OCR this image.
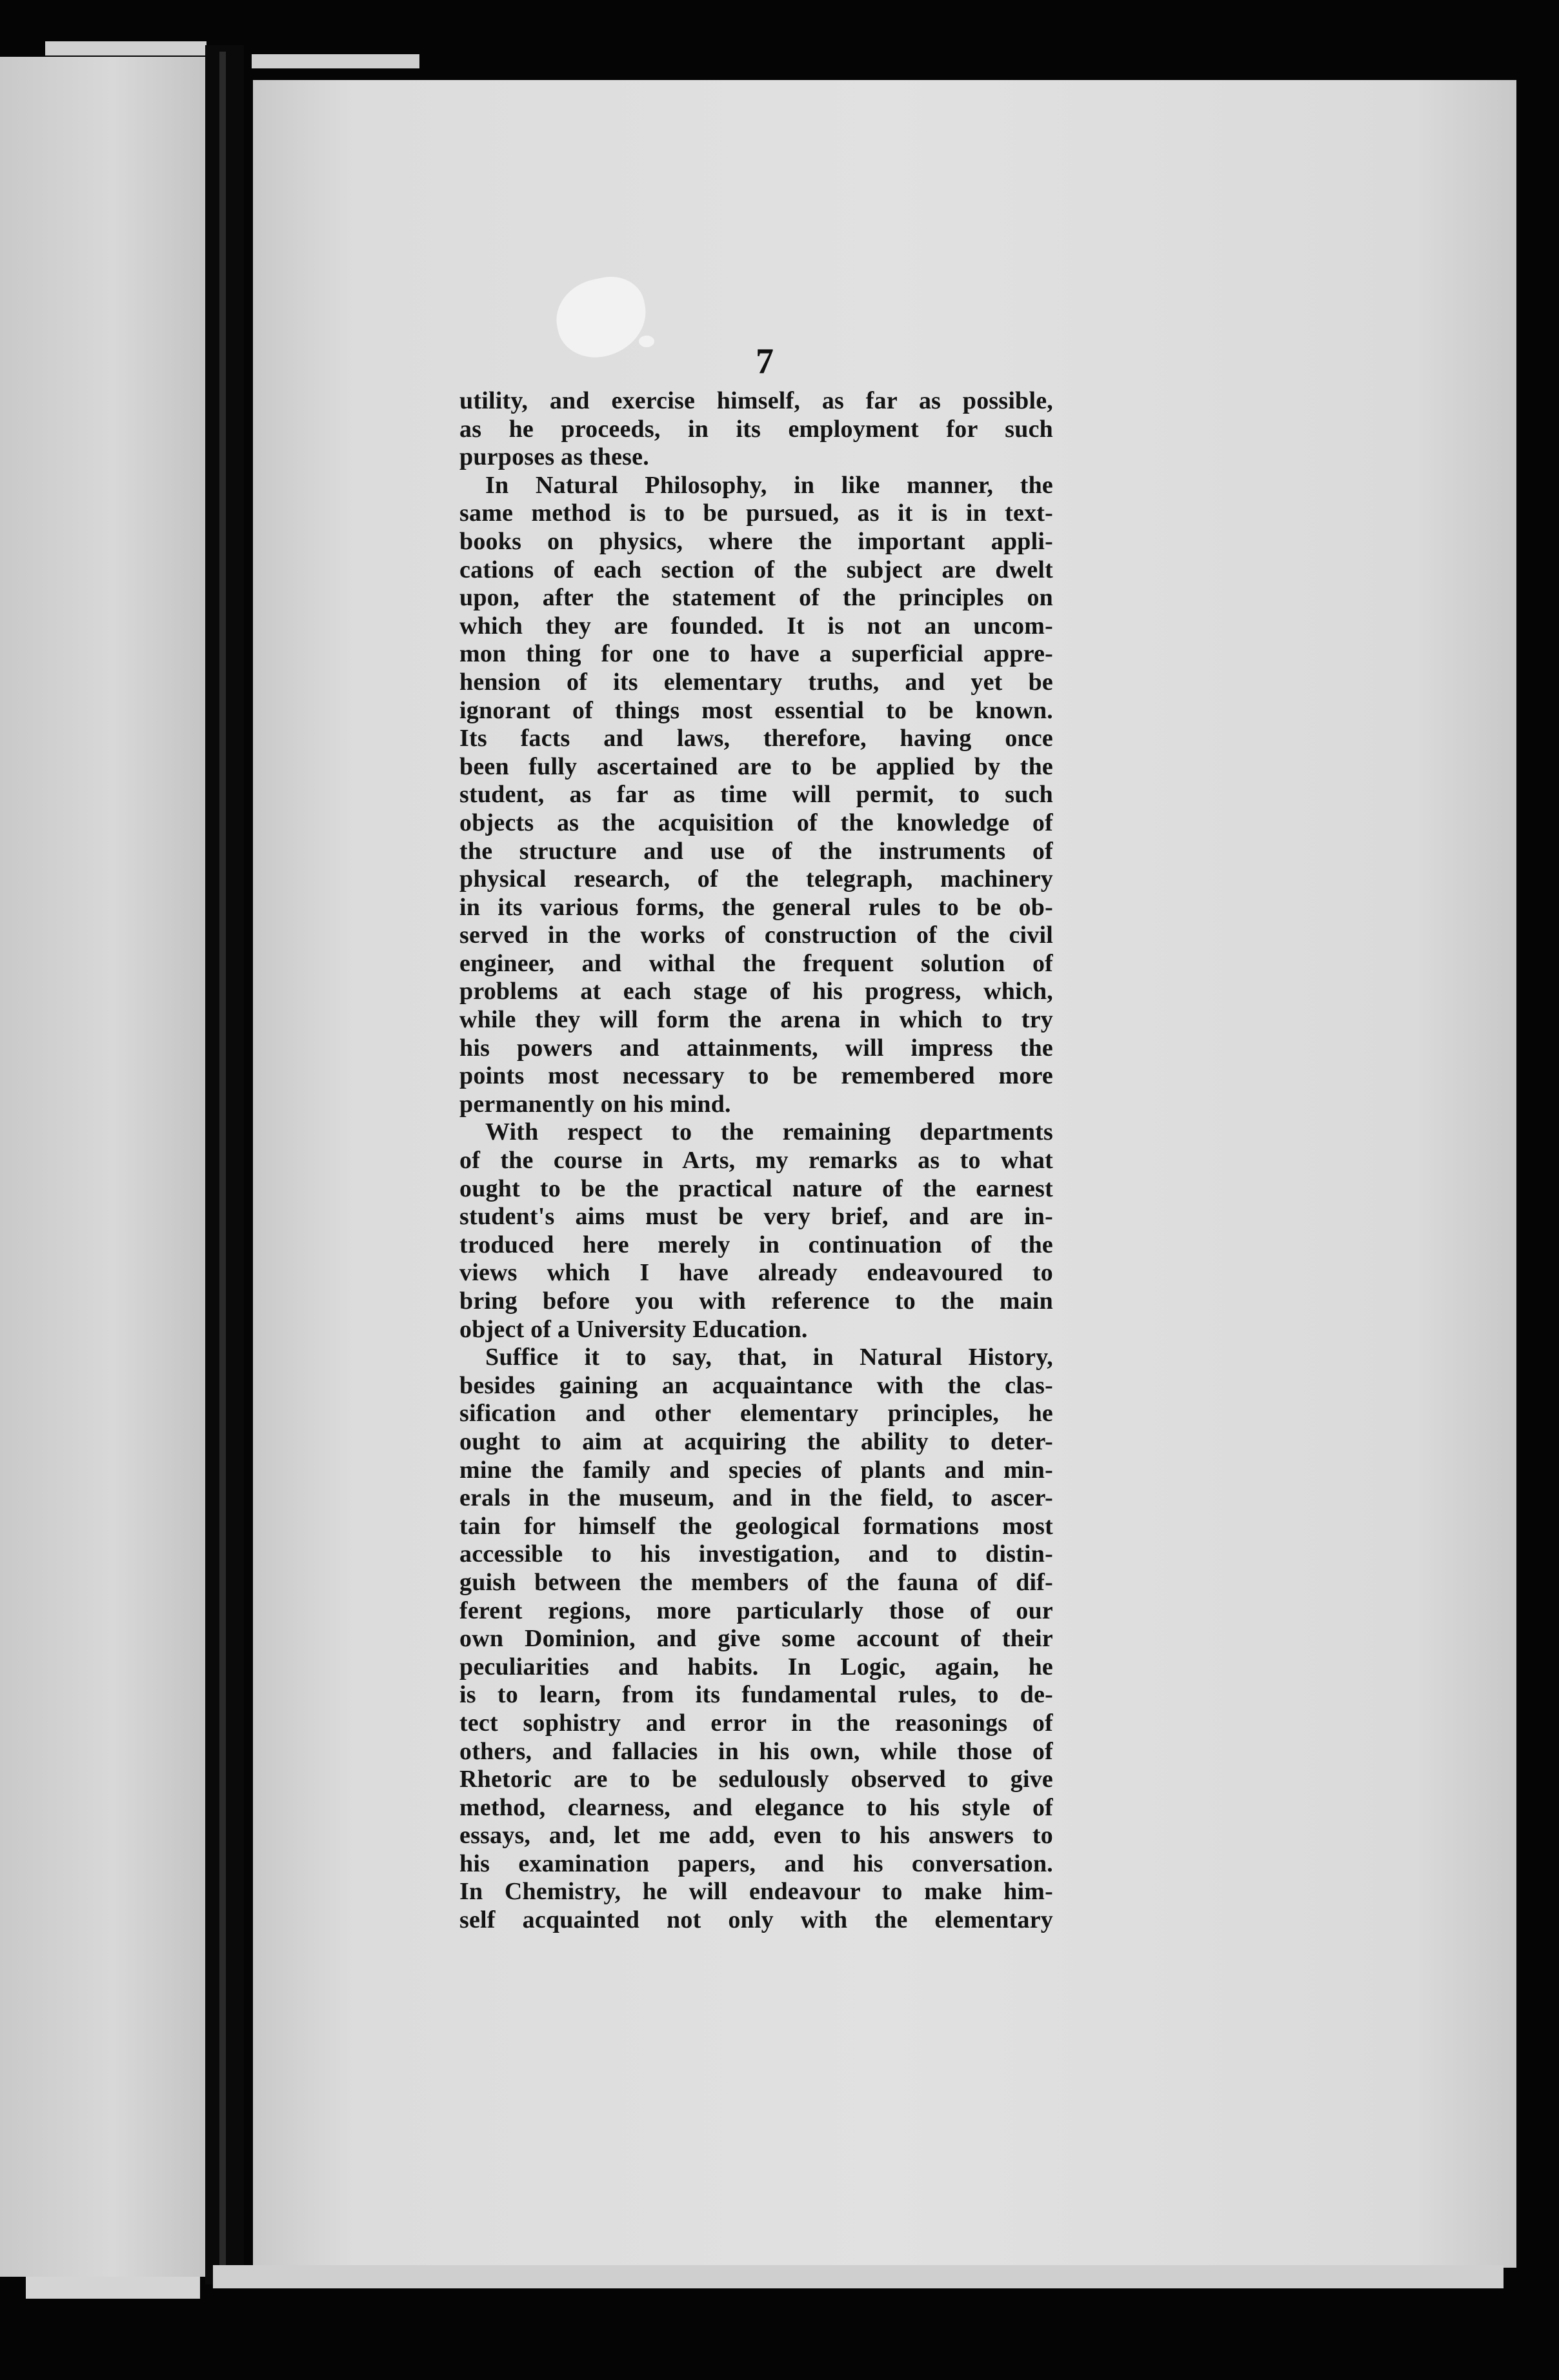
7
utility, and exercise himself, as far as possible,
as he proceeds, in its employment for such
purposes as these.
In Natural Philosophy, in like manner, the
same method is to be pursued, as it is in text-
books on physics, where the important appli-
cations of each section of the subject are dwelt
upon, after the statement of the principles on
which they are founded. It is not an uncom-
mon thing for one to have a superficial appre-
hension of its elementary truths, and yet be
ignorant of things most essential to be known.
Its facts and laws, therefore, having once
been fully ascertained are to be applied by the
student, as far as time will permit, to such
objects as the acquisition of the knowledge of
the structure and use of the instruments of
physical research, of the telegraph, machinery
in its various forms, the general rules to be ob-
served in the works of construction of the civil
engineer, and withal the frequent solution of
problems at each stage of his progress, which,
while they will form the arena in which to try
his powers and attainments, will impress the
points most necessary to be remembered more
permanently on his mind.
With respect to the remaining departments
of the course in Arts, my remarks as to what
ought to be the practical nature of the earnest
student's aims must be very brief, and are in-
troduced here merely in continuation of the
views which I have already endeavoured to
bring before you with reference to the main
object of a University Education.
Suffice it to say, that, in Natural History,
besides gaining an acquaintance with the clas-
sification and other elementary principles, he
ought to aim at acquiring the ability to deter-
mine the family and species of plants and min-
erals in the museum, and in the field, to ascer-
tain for himself the geological formations most
accessible to his investigation, and to distin-
guish between the members of the fauna of dif-
ferent regions, more particularly those of our
own Dominion, and give some account of their
peculiarities and habits. In Logic, again, he
is to learn, from its fundamental rules, to de-
tect sophistry and error in the reasonings of
others, and fallacies in his own, while those of
Rhetoric are to be sedulously observed to give
method, clearness, and elegance to his style of
essays, and, let me add, even to his answers to
his examination papers, and his conversation.
In Chemistry, he will endeavour to make him-
self acquainted not only with the elementary
